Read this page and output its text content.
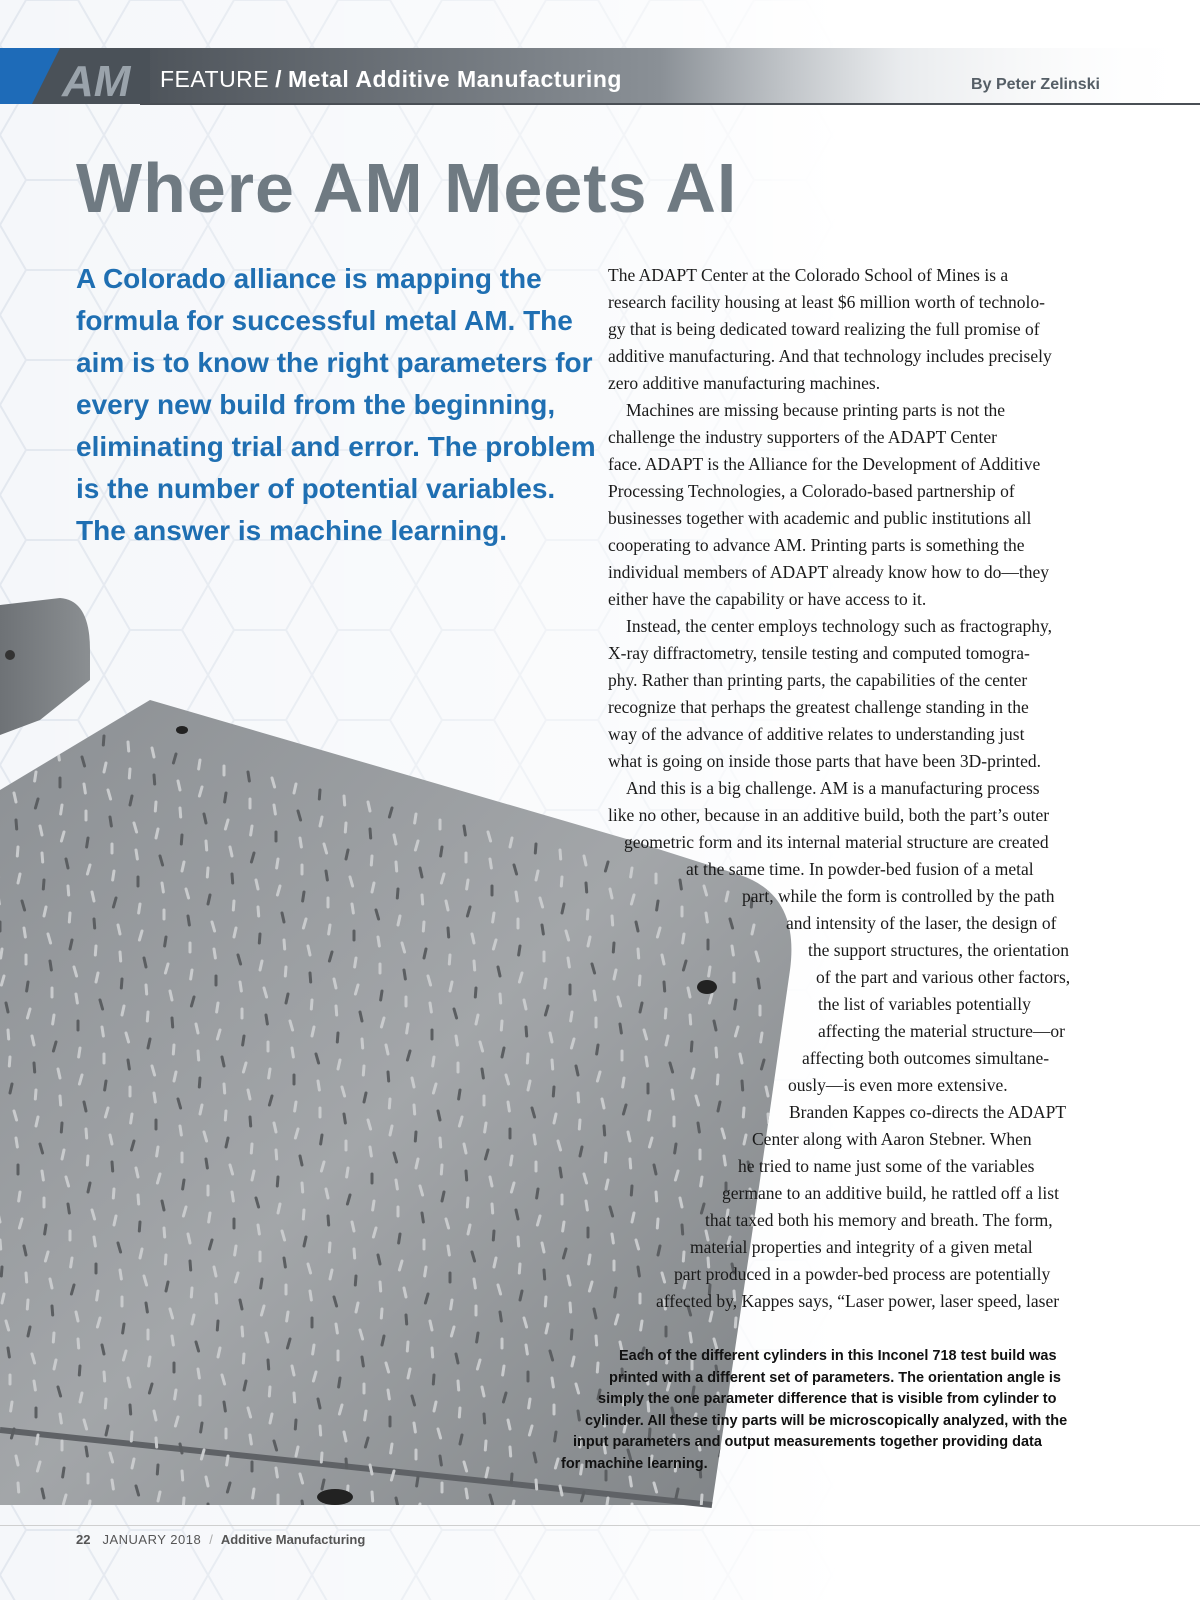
AM FEATURE / Metal Additive Manufacturing	By Peter Zelinski
Where AM Meets AI

A Colorado alliance is mapping the formula for successful metal AM. The aim is to know the right parameters for every new build from the beginning, eliminating trial and error. The problem is the number of potential variables. The answer is machine learning.

The ADAPT Center at the Colorado School of Mines is a
research facility housing at least $6 million worth of technolo-
gy that is being dedicated toward realizing the full promise of
additive manufacturing. And that technology includes precisely
zero additive manufacturing machines.
Machines are missing because printing parts is not the
challenge the industry supporters of the ADAPT Center
face. ADAPT is the Alliance for the Development of Additive
Processing Technologies, a Colorado-based partnership of
businesses together with academic and public institutions all
cooperating to advance AM. Printing parts is something the
individual members of ADAPT already know how to do—they
either have the capability or have access to it.
Instead, the center employs technology such as fractography,
X-ray diffractometry, tensile testing and computed tomogra-
phy. Rather than printing parts, the capabilities of the center
recognize that perhaps the greatest challenge standing in the
way of the advance of additive relates to understanding just
what is going on inside those parts that have been 3D-printed.
And this is a big challenge. AM is a manufacturing process
like no other, because in an additive build, both the part’s outer
geometric form and its internal material structure are created
at the same time. In powder-bed fusion of a metal
part, while the form is controlled by the path
and intensity of the laser, the design of
the support structures, the orientation
of the part and various other factors,
the list of variables potentially
affecting the material structure—or
affecting both outcomes simultane-
ously—is even more extensive.
Branden Kappes co-directs the ADAPT
Center along with Aaron Stebner. When
he tried to name just some of the variables
germane to an additive build, he rattled off a list
that taxed both his memory and breath. The form,
material properties and integrity of a given metal
part produced in a powder-bed process are potentially
affected by, Kappes says, “Laser power, laser speed, laser
Each of the different cylinders in this Inconel 718 test build was
printed with a different set of parameters. The orientation angle is
simply the one parameter difference that is visible from cylinder to
cylinder. All these tiny parts will be microscopically analyzed, with the
input parameters and output measurements together providing data
for machine learning.
22 JANUARY 2018 / Additive Manufacturing
